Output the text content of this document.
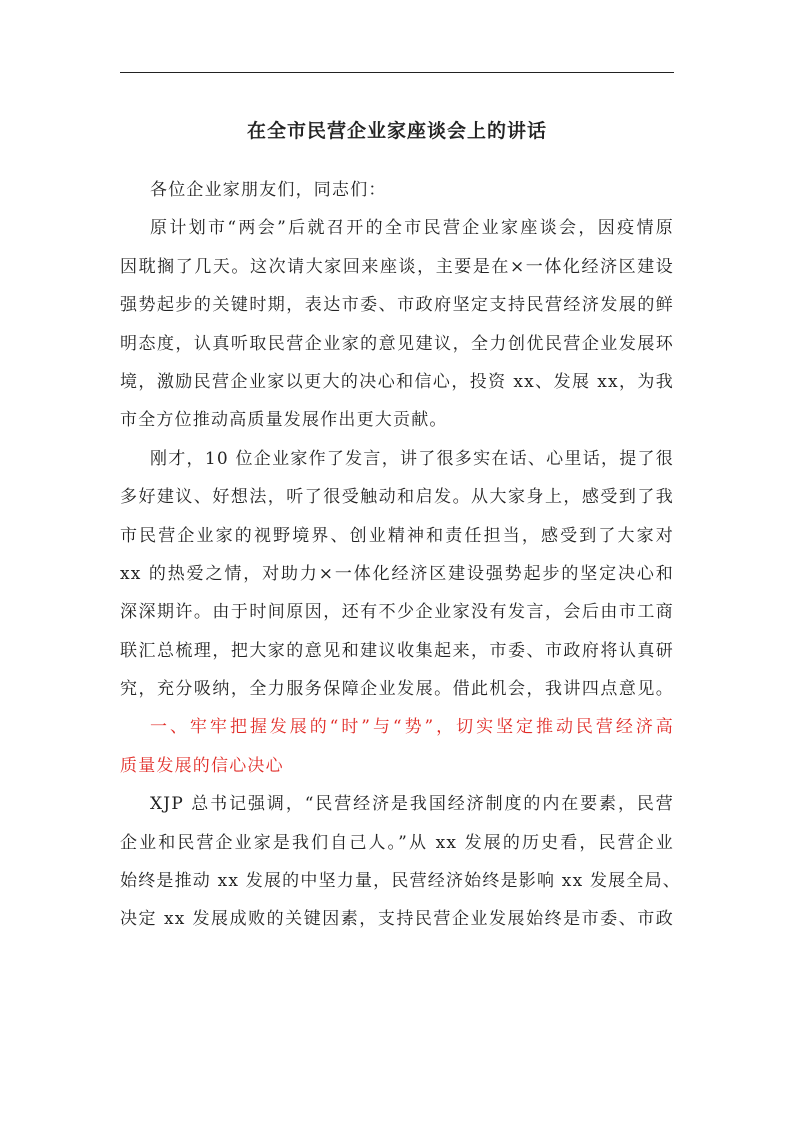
在全市民营企业家座谈会上的讲话
各位企业家朋友们，同志们：
原计划市“两会”后就召开的全市民营企业家座谈会，因疫情原
因耽搁了几天。这次请大家回来座谈，主要是在×一体化经济区建设
强势起步的关键时期，表达市委、市政府坚定支持民营经济发展的鲜
明态度，认真听取民营企业家的意见建议，全力创优民营企业发展环
境，激励民营企业家以更大的决心和信心，投资 xx、发展 xx，为我
市全方位推动高质量发展作出更大贡献。
刚才，10 位企业家作了发言，讲了很多实在话、心里话，提了很
多好建议、好想法，听了很受触动和启发。从大家身上，感受到了我
市民营企业家的视野境界、创业精神和责任担当，感受到了大家对
xx 的热爱之情，对助力×一体化经济区建设强势起步的坚定决心和
深深期许。由于时间原因，还有不少企业家没有发言，会后由市工商
联汇总梳理，把大家的意见和建议收集起来，市委、市政府将认真研
究，充分吸纳，全力服务保障企业发展。借此机会，我讲四点意见。
一、牢牢把握发展的“时”与“势”，切实坚定推动民营经济高
质量发展的信心决心
XJP 总书记强调，“民营经济是我国经济制度的内在要素，民营
企业和民营企业家是我们自己人。”从 xx 发展的历史看，民营企业
始终是推动 xx 发展的中坚力量，民营经济始终是影响 xx 发展全局、
决定 xx 发展成败的关键因素，支持民营企业发展始终是市委、市政
